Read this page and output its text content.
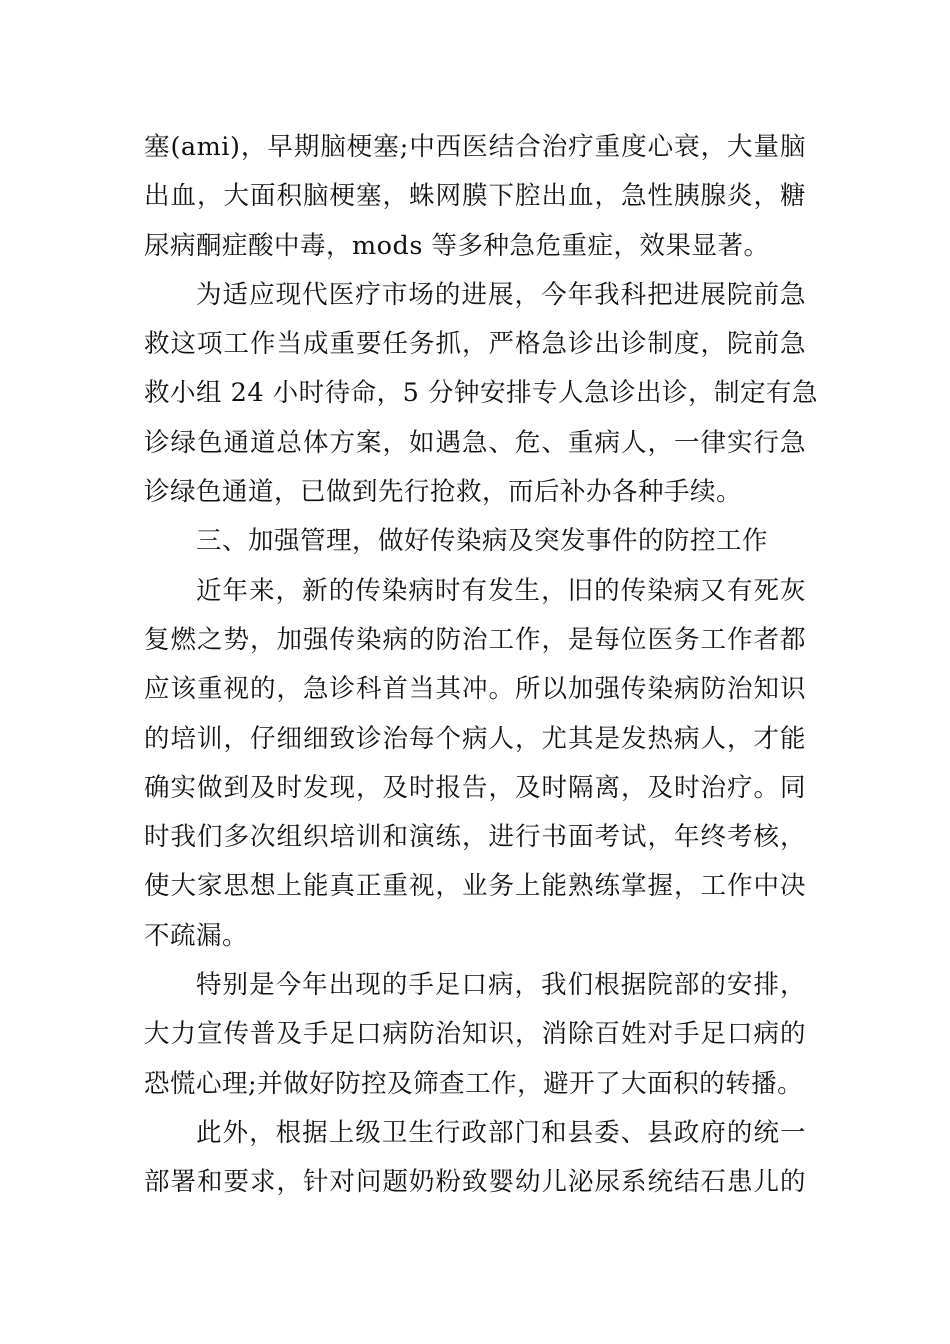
塞(ami)，早期脑梗塞;中西医结合治疗重度心衰，大量脑
出血，大面积脑梗塞，蛛网膜下腔出血，急性胰腺炎，糖
尿病酮症酸中毒，mods 等多种急危重症，效果显著。
为适应现代医疗市场的进展，今年我科把进展院前急
救这项工作当成重要任务抓，严格急诊出诊制度，院前急
救小组 24 小时待命，5 分钟安排专人急诊出诊，制定有急
诊绿色通道总体方案，如遇急、危、重病人，一律实行急
诊绿色通道，已做到先行抢救，而后补办各种手续。
三、加强管理，做好传染病及突发事件的防控工作
近年来，新的传染病时有发生，旧的传染病又有死灰
复燃之势，加强传染病的防治工作，是每位医务工作者都
应该重视的，急诊科首当其冲。所以加强传染病防治知识
的培训，仔细细致诊治每个病人，尤其是发热病人，才能
确实做到及时发现，及时报告，及时隔离，及时治疗。同
时我们多次组织培训和演练，进行书面考试，年终考核，
使大家思想上能真正重视，业务上能熟练掌握，工作中决
不疏漏。
特别是今年出现的手足口病，我们根据院部的安排，
大力宣传普及手足口病防治知识，消除百姓对手足口病的
恐慌心理;并做好防控及筛查工作，避开了大面积的转播。
此外，根据上级卫生行政部门和县委、县政府的统一
部署和要求，针对问题奶粉致婴幼儿泌尿系统结石患儿的
